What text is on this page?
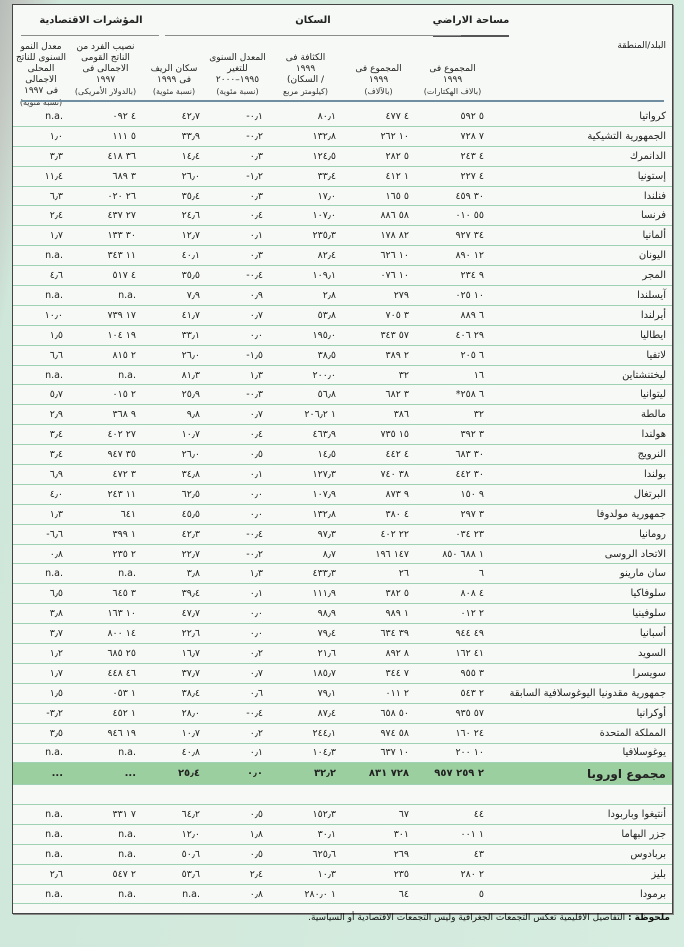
مساحة الاراضي
السكان
المؤشرات الاقتصادية
البلد/المنطقة
المجموع فى
١٩٩٩
(بالاف الهكتارات)
المجموع فى
١٩٩٩
(بالآلاف)
الكثافة فى
١٩٩٩
(السكان /
كيلومتر مربع)
المعدل السنوى
للتغير
١٩٩٥–٢٠٠٠
(نسبة مئوية)
سكان الريف
فى ١٩٩٩
(نسبة مئوية)
نصيب الفرد من
الناتج القومى
الاجمالى فى
١٩٩٧
(بالدولار الأمريكى)
معدل النمو
السنوى للناتج
المحلى الاجمالى
فى ١٩٩٧
(نسبة مئوية)
n.a.	٤ ٠٩٢	٤٢٫٧	-٠٫١	٨٠٫١	٤ ٤٧٧	٥ ٥٩٢	كرواتيا
١٫٠	٥ ١١١	٣٣٫٩	-٠٫٢	١٣٢٫٨	١٠ ٢٦٢	٧ ٧٢٨	الجمهورية التشيكية
٣٫٣	٣٦ ٤١٨	١٤٫٤	٠٫٣	١٢٤٫٥	٥ ٢٨٢	٤ ٢٤٣	الدانمرك
١١٫٤	٣ ٦٨٩	٢٦٫٠	-١٫٢	٣٣٫٤	١ ٤١٢	٤ ٢٢٧	إستونيا
٦٫٣	٢٦ ٠٢٠	٣٥٫٤	٠٫٣	١٧٫٠	٥ ١٦٥	٣٠ ٤٥٩	فنلندا
٢٫٤	٢٧ ٤٣٧	٢٤٫٦	٠٫٤	١٠٧٫٠	٥٨ ٨٨٦	٥٥ ٠١٠	فرنسا
١٫٧	٣٠ ١٣٣	١٢٫٧	٠٫١	٢٣٥٫٣	٨٢ ١٧٨	٣٤ ٩٢٧	ألمانيا
n.a.	١١ ٣٤٣	٤٠٫١	٠٫٣	٨٢٫٤	١٠ ٦٢٦	١٢ ٨٩٠	اليونان
٤٫٦	٤ ٥١٧	٣٥٫٥	-٠٫٤	١٠٩٫١	١٠ ٠٧٦	٩ ٢٣٤	المجر
n.a.	n.a.	٧٫٩	٠٫٩	٢٫٨	٢٧٩	١٠ ٠٢٥	آيسلندا
١٠٫٠	١٧ ٧٣٩	٤١٫٧	٠٫٧	٥٣٫٨	٣ ٧٠٥	٦ ٨٨٩	أيرلندا
١٫٥	١٩ ١٠٤	٣٣٫١	٠٫٠	١٩٥٫٠	٥٧ ٣٤٣	٢٩ ٤٠٦	ايطاليا
٦٫٦	٢ ٨١٥	٢٦٫٠	-١٫٥	٣٨٫٥	٢ ٣٨٩	٦ ٢٠٥	لاتفيا
n.a.	n.a.	٨١٫٣	١٫٣	٢٠٠٫٠	٣٢	١٦	ليختنشتاين
٥٫٧	٢ ٠١٥	٢٥٫٩	-٠٫٣	٥٦٫٨	٣ ٦٨٢	*٦ ٢٥٨	ليتوانيا
٢٫٩	٩ ٣٦٨	٩٫٨	٠٫٧	١ ٢٠٦٫٢	٣٨٦	٣٢	مالطة
٣٫٤	٢٧ ٤٠٢	١٠٫٧	٠٫٤	٤٦٣٫٩	١٥ ٧٣٥	٣ ٣٩٢	هولندا
٣٫٤	٣٥ ٩٤٧	٢٦٫٠	٠٫٥	١٤٫٥	٤ ٤٤٢	٣٠ ٦٨٣	النرويج
٦٫٩	٣ ٤٧٢	٣٤٫٨	٠٫١	١٢٧٫٣	٣٨ ٧٤٠	٣٠ ٤٤٢	بولندا
٤٫٠	١١ ٢٤٣	٦٢٫٥	٠٫٠	١٠٧٫٩	٩ ٨٧٣	٩ ١٥٠	البرتغال
١٫٣	٦٤١	٤٥٫٥	٠٫٠	١٣٢٫٨	٤ ٣٨٠	٣ ٢٩٧	جمهورية مولدوفا
-٦٫٦	١ ٣٩٩	٤٢٫٣	-٠٫٤	٩٧٫٣	٢٢ ٤٠٢	٢٣ ٠٣٤	رومانيا
٠٫٨	٢ ٢٣٥	٢٢٫٧	-٠٫٢	٨٫٧	١٤٧ ١٩٦	١ ٦٨٨ ٨٥٠	الاتحاد الروسى
n.a.	n.a.	٣٫٨	١٫٣	٤٣٣٫٣	٢٦	٦	سان مارينو
٦٫٥	٣ ٦٤٥	٣٩٫٤	٠٫١	١١١٫٩	٥ ٣٨٢	٤ ٨٠٨	سلوفاكيا
٣٫٨	١٠ ١٦٣	٤٧٫٧	٠٫٠	٩٨٫٩	١ ٩٨٩	٢ ٠١٢	سلوفينيا
٣٫٧	١٤ ٨٠٠	٢٢٫٦	٠٫٠	٧٩٫٤	٣٩ ٦٣٤	٤٩ ٩٤٤	أسبانيا
١٫٢	٢٥ ٦٨٥	١٦٫٧	٠٫٢	٢١٫٦	٨ ٨٩٢	٤١ ١٦٢	السويد
١٫٧	٤٦ ٤٤٨	٣٧٫٧	٠٫٧	١٨٥٫٧	٧ ٣٤٤	٣ ٩٥٥	سويسرا
١٫٥	١ ٠٥٣	٣٨٫٤	٠٫٦	٧٩٫١	٢ ٠١١	٢ ٥٤٣	جمهورية مقدونيا اليوغوسلافية السابقة
-٣٫٢	١ ٤٥٢	٢٨٫٠	-٠٫٤	٨٧٫٤	٥٠ ٦٥٨	٥٧ ٩٣٥	أوكرانيا
٣٫٥	١٩ ٩٤٦	١٠٫٧	٠٫٢	٢٤٤٫١	٥٨ ٩٧٤	٢٤ ١٦٠	المملكة المتحدة
n.a.	n.a.	٤٠٫٨	٠٫١	١٠٤٫٣	١٠ ٦٣٧	١٠ ٢٠٠	يوغوسلافيا
...	...	٢٥٫٤	٠٫٠	٣٢٫٢	٧٢٨ ٨٣١	٢ ٢٥٩ ٩٥٧	مجموع اوروبا
n.a.	٧ ٣٣١	٦٤٫٢	٠٫٥	١٥٢٫٣	٦٧	٤٤	أنتيغوا وباربودا
n.a.	n.a.	١٢٫٠	١٫٨	٣٠٫١	٣٠١	١ ٠٠١	جزر البهاما
n.a.	n.a.	٥٠٫٦	٠٫٥	٦٢٥٫٦	٢٦٩	٤٣	بربادوس
٢٫٦	٢ ٥٤٧	٥٣٫٦	٢٫٤	١٠٫٣	٢٣٥	٢ ٢٨٠	بليز
n.a.	n.a.	n.a.	٠٫٨	١ ٢٨٠٫٠	٦٤	٥	برمودا
ملحوظة : التفاصيل الاقليمية تعكس التجمعات الجغرافية وليس التجمعات الاقتصادية أو السياسية.
